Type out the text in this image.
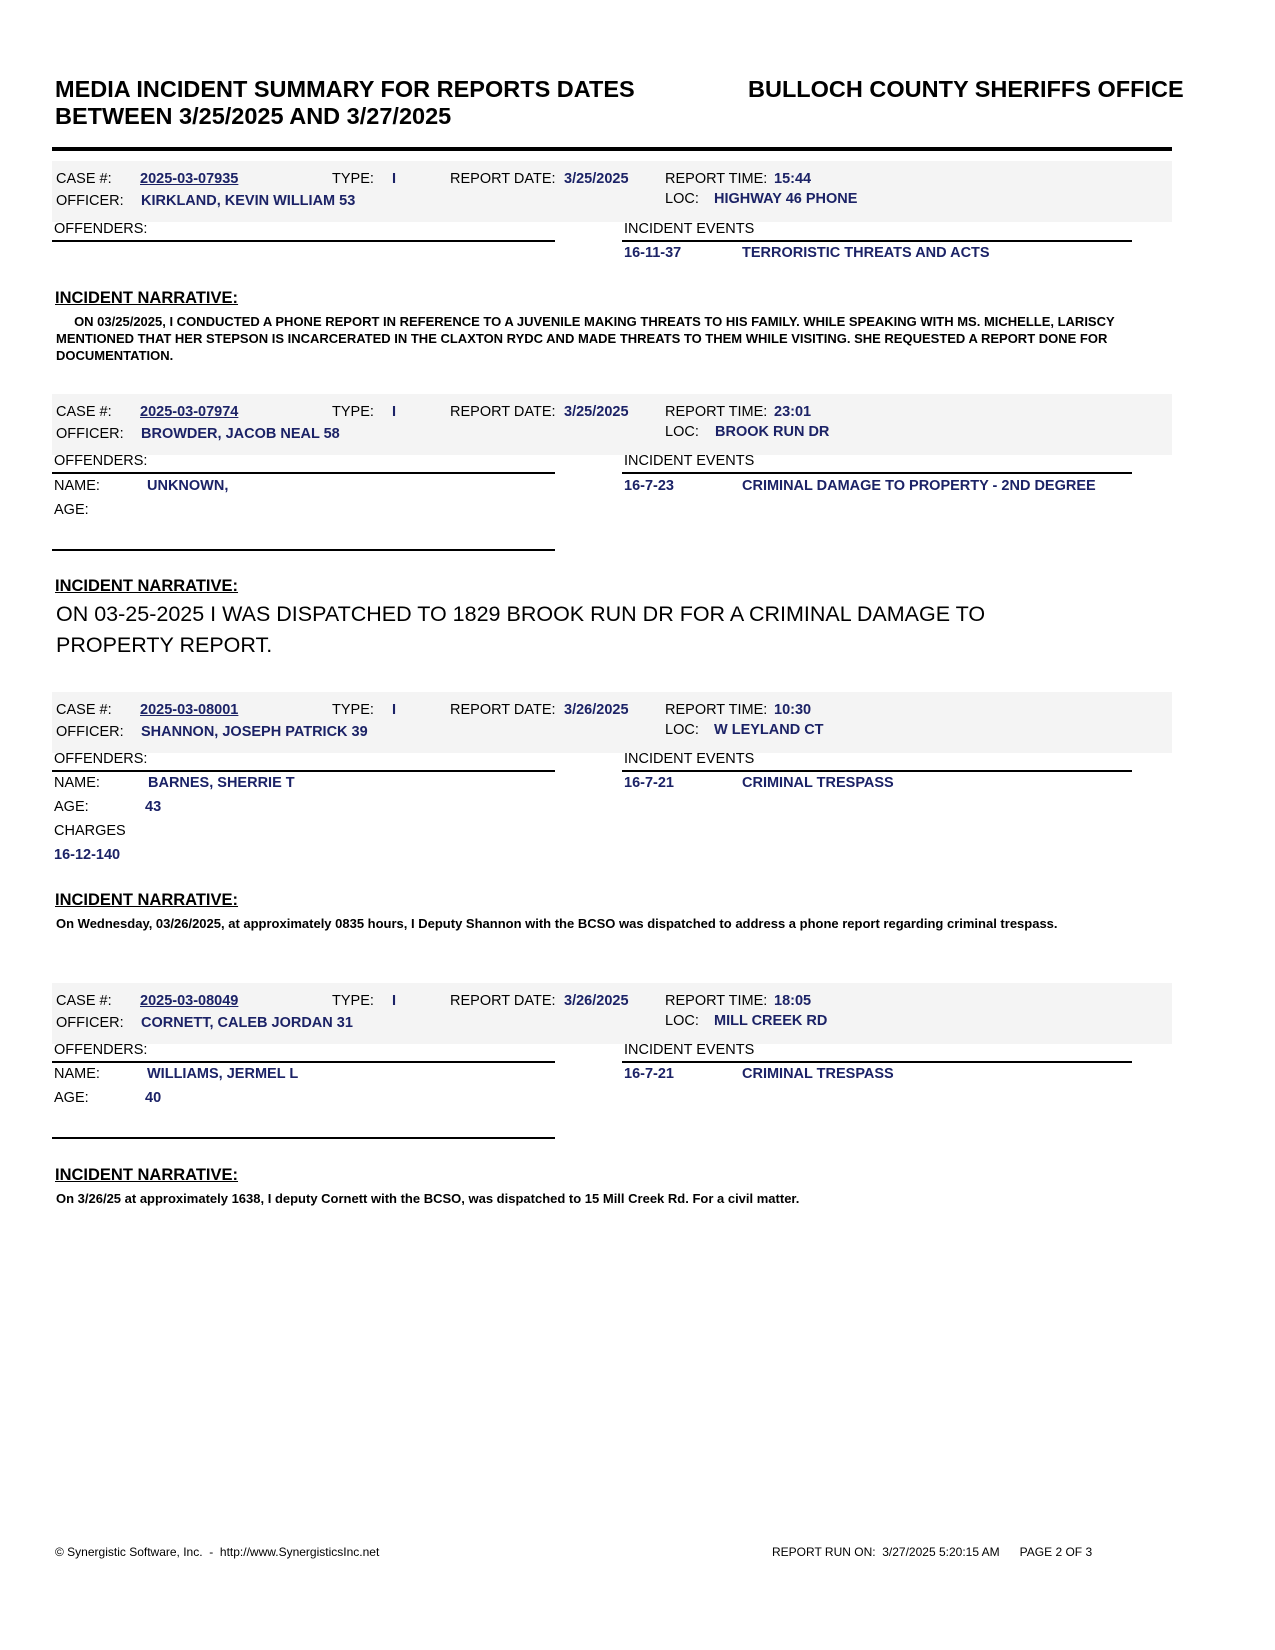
MEDIA INCIDENT SUMMARY FOR REPORTS DATES BETWEEN 3/25/2025 AND 3/27/2025
BULLOCH COUNTY SHERIFFS OFFICE
CASE #: 2025-03-07935	TYPE: I	REPORT DATE: 3/25/2025	REPORT TIME: 15:44
OFFICER: KIRKLAND, KEVIN WILLIAM 53	LOC: HIGHWAY 46 PHONE
OFFENDERS:	INCIDENT EVENTS
16-11-37	TERRORISTIC THREATS AND ACTS
INCIDENT NARRATIVE:
ON 03/25/2025, I CONDUCTED A PHONE REPORT IN REFERENCE TO A JUVENILE MAKING THREATS TO HIS FAMILY. WHILE SPEAKING WITH MS. MICHELLE, LARISCY MENTIONED THAT HER STEPSON IS INCARCERATED IN THE CLAXTON RYDC AND MADE THREATS TO THEM WHILE VISITING. SHE REQUESTED A REPORT DONE FOR DOCUMENTATION.
CASE #: 2025-03-07974	TYPE: I	REPORT DATE: 3/25/2025	REPORT TIME: 23:01
OFFICER: BROWDER, JACOB NEAL 58	LOC: BROOK RUN DR
OFFENDERS:	INCIDENT EVENTS
NAME:	UNKNOWN,
AGE:
16-7-23	CRIMINAL DAMAGE TO PROPERTY - 2ND DEGREE
INCIDENT NARRATIVE:
ON 03-25-2025 I WAS DISPATCHED TO 1829 BROOK RUN DR FOR A CRIMINAL DAMAGE TO PROPERTY REPORT.
CASE #: 2025-03-08001	TYPE: I	REPORT DATE: 3/26/2025	REPORT TIME: 10:30
OFFICER: SHANNON, JOSEPH PATRICK 39	LOC: W LEYLAND CT
OFFENDERS:	INCIDENT EVENTS
NAME:	BARNES, SHERRIE T
AGE:	43
CHARGES
16-12-140
16-7-21	CRIMINAL TRESPASS
INCIDENT NARRATIVE:
On Wednesday, 03/26/2025, at approximately 0835 hours, I Deputy Shannon with the BCSO was dispatched to address a phone report regarding criminal trespass.
CASE #: 2025-03-08049	TYPE: I	REPORT DATE: 3/26/2025	REPORT TIME: 18:05
OFFICER: CORNETT, CALEB JORDAN 31	LOC: MILL CREEK RD
OFFENDERS:	INCIDENT EVENTS
NAME:	WILLIAMS, JERMEL L
AGE:	40
16-7-21	CRIMINAL TRESPASS
INCIDENT NARRATIVE:
On 3/26/25 at approximately 1638, I deputy Cornett with the BCSO, was dispatched to 15 Mill Creek Rd. For a civil matter.
© Synergistic Software, Inc.  -  http://www.SynergisticsInc.net	REPORT RUN ON:  3/27/2025 5:20:15 AM      PAGE 2 OF 3
